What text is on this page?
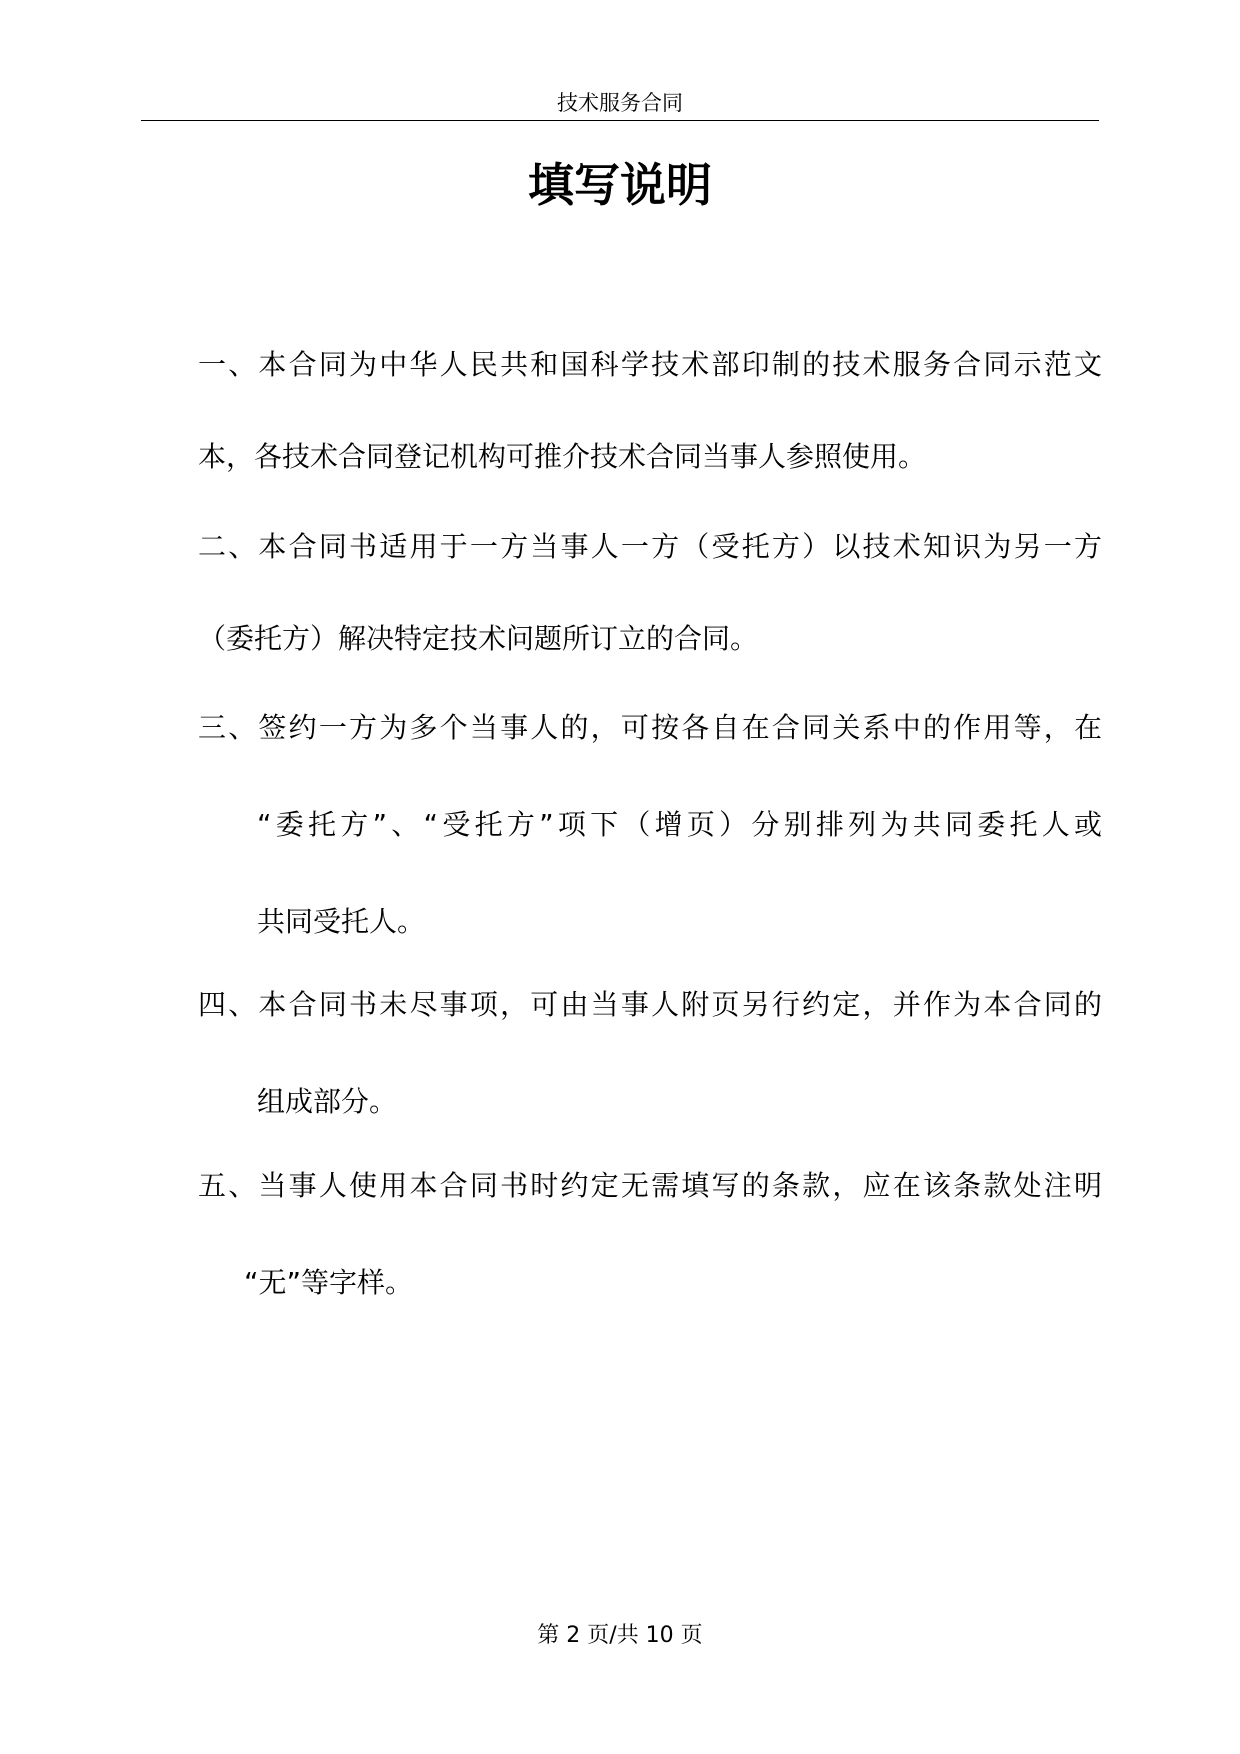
技术服务合同
填写说明
一、本合同为中华人民共和国科学技术部印制的技术服务合同示范文
本，各技术合同登记机构可推介技术合同当事人参照使用。
二、本合同书适用于一方当事人一方（受托方）以技术知识为另一方
（委托方）解决特定技术问题所订立的合同。
三、签约一方为多个当事人的，可按各自在合同关系中的作用等，在
“委托方”、“受托方”项下（增页）分别排列为共同委托人或
共同受托人。
四、本合同书未尽事项，可由当事人附页另行约定，并作为本合同的
组成部分。
五、当事人使用本合同书时约定无需填写的条款，应在该条款处注明
“无”等字样。
第 2 页/共 10 页
